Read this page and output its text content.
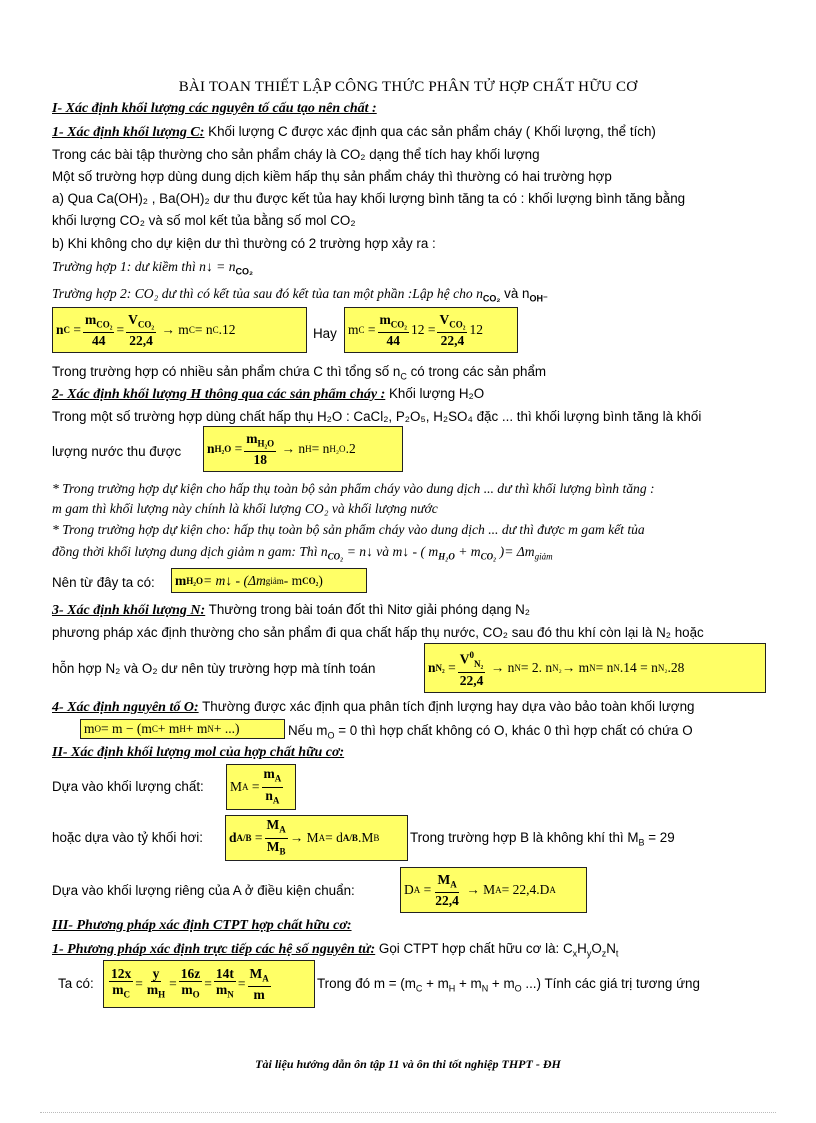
BÀI TOAN THIẾT LẬP CÔNG THỨC PHÂN TỬ HỢP CHẤT HỮU CƠ
I- Xác định khối lượng các nguyên tố cấu tạo nên chất :
1- Xác định khối lượng C: Khối lượng C được xác định qua các sản phẩm cháy ( Khối lượng, thể tích)
Trong các bài tập thường cho sản phẩm cháy là CO₂ dạng thể tích hay khối lượng
Một số trường hợp dùng dung dịch kiềm hấp thụ sản phẩm cháy thì thường có hai trường hợp
a) Qua Ca(OH)₂ , Ba(OH)₂ dư thu được kết tủa hay khối lượng bình tăng ta có : khối lượng bình tăng bằng
khối lượng CO₂ và số mol kết tủa bằng số mol CO₂
b) Khi không cho dự kiện dư thì thường có 2 trường hợp xảy ra :
Trường hợp 1: dư kiềm thì n↓ = $n_{CO_2}$
Trường hợp 2: CO₂ dư thì có kết tủa sau đó kết tủa tan một phần :Lập hệ cho $n_{CO_2}$ và $n_{OH^-}$
n $C = \frac{m_{CO_2}}{44} = \frac{V_{CO_2}}{22,4}$
→ m C = n C .12	Hay m $C = \frac{m_{CO_2}}{44} 12 = \frac{V_{CO_2}}{22,4} 12$
Trong trường hợp có nhiều sản phẩm chứa C thì tổng số $n_C$ có trong các sản phẩm
2- Xác định khối lượng H thông qua các sản phẩm cháy : Khối lượng H₂O
Trong một số trường hợp dùng chất hấp thụ H₂O : CaCl₂, P₂O₅, H₂SO₄ đặc ... thì khối lượng bình tăng là khối
lượng nước thu được	n $H_2O = \frac{m_{H_2O}}{18}$
→ n H = n H₂O .2
* Trong trường hợp dự kiện cho hấp thụ toàn bộ sản phẩm cháy vào dung dịch ... dư thì khối lượng bình tăng :
m gam thì khối lượng này chính là khối lượng CO₂ và khối lượng nước
* Trong trường hợp dự kiện cho: hấp thụ toàn bộ sản phẩm cháy vào dung dịch ... dư thì được m gam kết tủa
đồng thời khối lượng dung dịch giảm n gam: Thì $n_{CO_2}$ = n↓ và m↓ - ( $m_{H_2O} + m_{CO_2}$ )= $\Delta m_{giảm}$
Nên từ đây ta có:	m H₂O = m↓ - (Δm giảm - m CO₂ )
3- Xác định khối lượng N: Thường trong bài toán đốt thì Nitơ giải phóng dạng N₂
phương pháp xác định thường cho sản phẩm đi qua chất hấp thụ nước, CO₂ sau đó thu khí còn lại là N₂ hoặc
hỗn hợp N₂ và O₂ dư nên tùy trường hợp mà tính toán	n $N_2 = \frac{V^0_{N_2}}{22,4}$
→ n N = 2. n N₂ → m N = n N .14 = n N₂ .28
4- Xác định nguyên tố O: Thường được xác định qua phân tích định lượng hay dựa vào bảo toàn khối lượng
m O = m − (m C + m H + m N + ...)	Nếu $m_O = 0$ thì hợp chất không có O, khác 0 thì hợp chất có chứa O
II- Xác định khối lượng mol của hợp chất hữu cơ:
Dựa vào khối lượng chất:	M $A = \frac{m_A}{n_A}$
hoặc dựa vào tỷ khối hơi:	d $A/B = \frac{M_A}{M_B} \to M$ A = d A/B .M B Trong trường hợp B là không khí thì $M_B = 29$
Dựa vào khối lượng riêng của A ở điều kiện chuẩn:	D $A = \frac{M_A}{22,4}$
→ M A = 22,4.D A
III- Phương pháp xác định CTPT hợp chất hữu cơ:
1- Phương pháp xác định trực tiếp các hệ số nguyên tử: Gọi CTPT hợp chất hữu cơ là: $C_xH_yO_zN_t$
Ta có:	$\frac{12x}{m_C} = \frac{y}{m_H} = \frac{16z}{m_O} = \frac{14t}{m_N} = \frac{M_A}{m}$	Trong đó $m = (m_C + m_H + m_N + m_O$ ...) Tính các giá trị tương ứng
Tài liệu hướng dẫn ôn tập 11 và ôn thi tốt nghiệp THPT - ĐH
